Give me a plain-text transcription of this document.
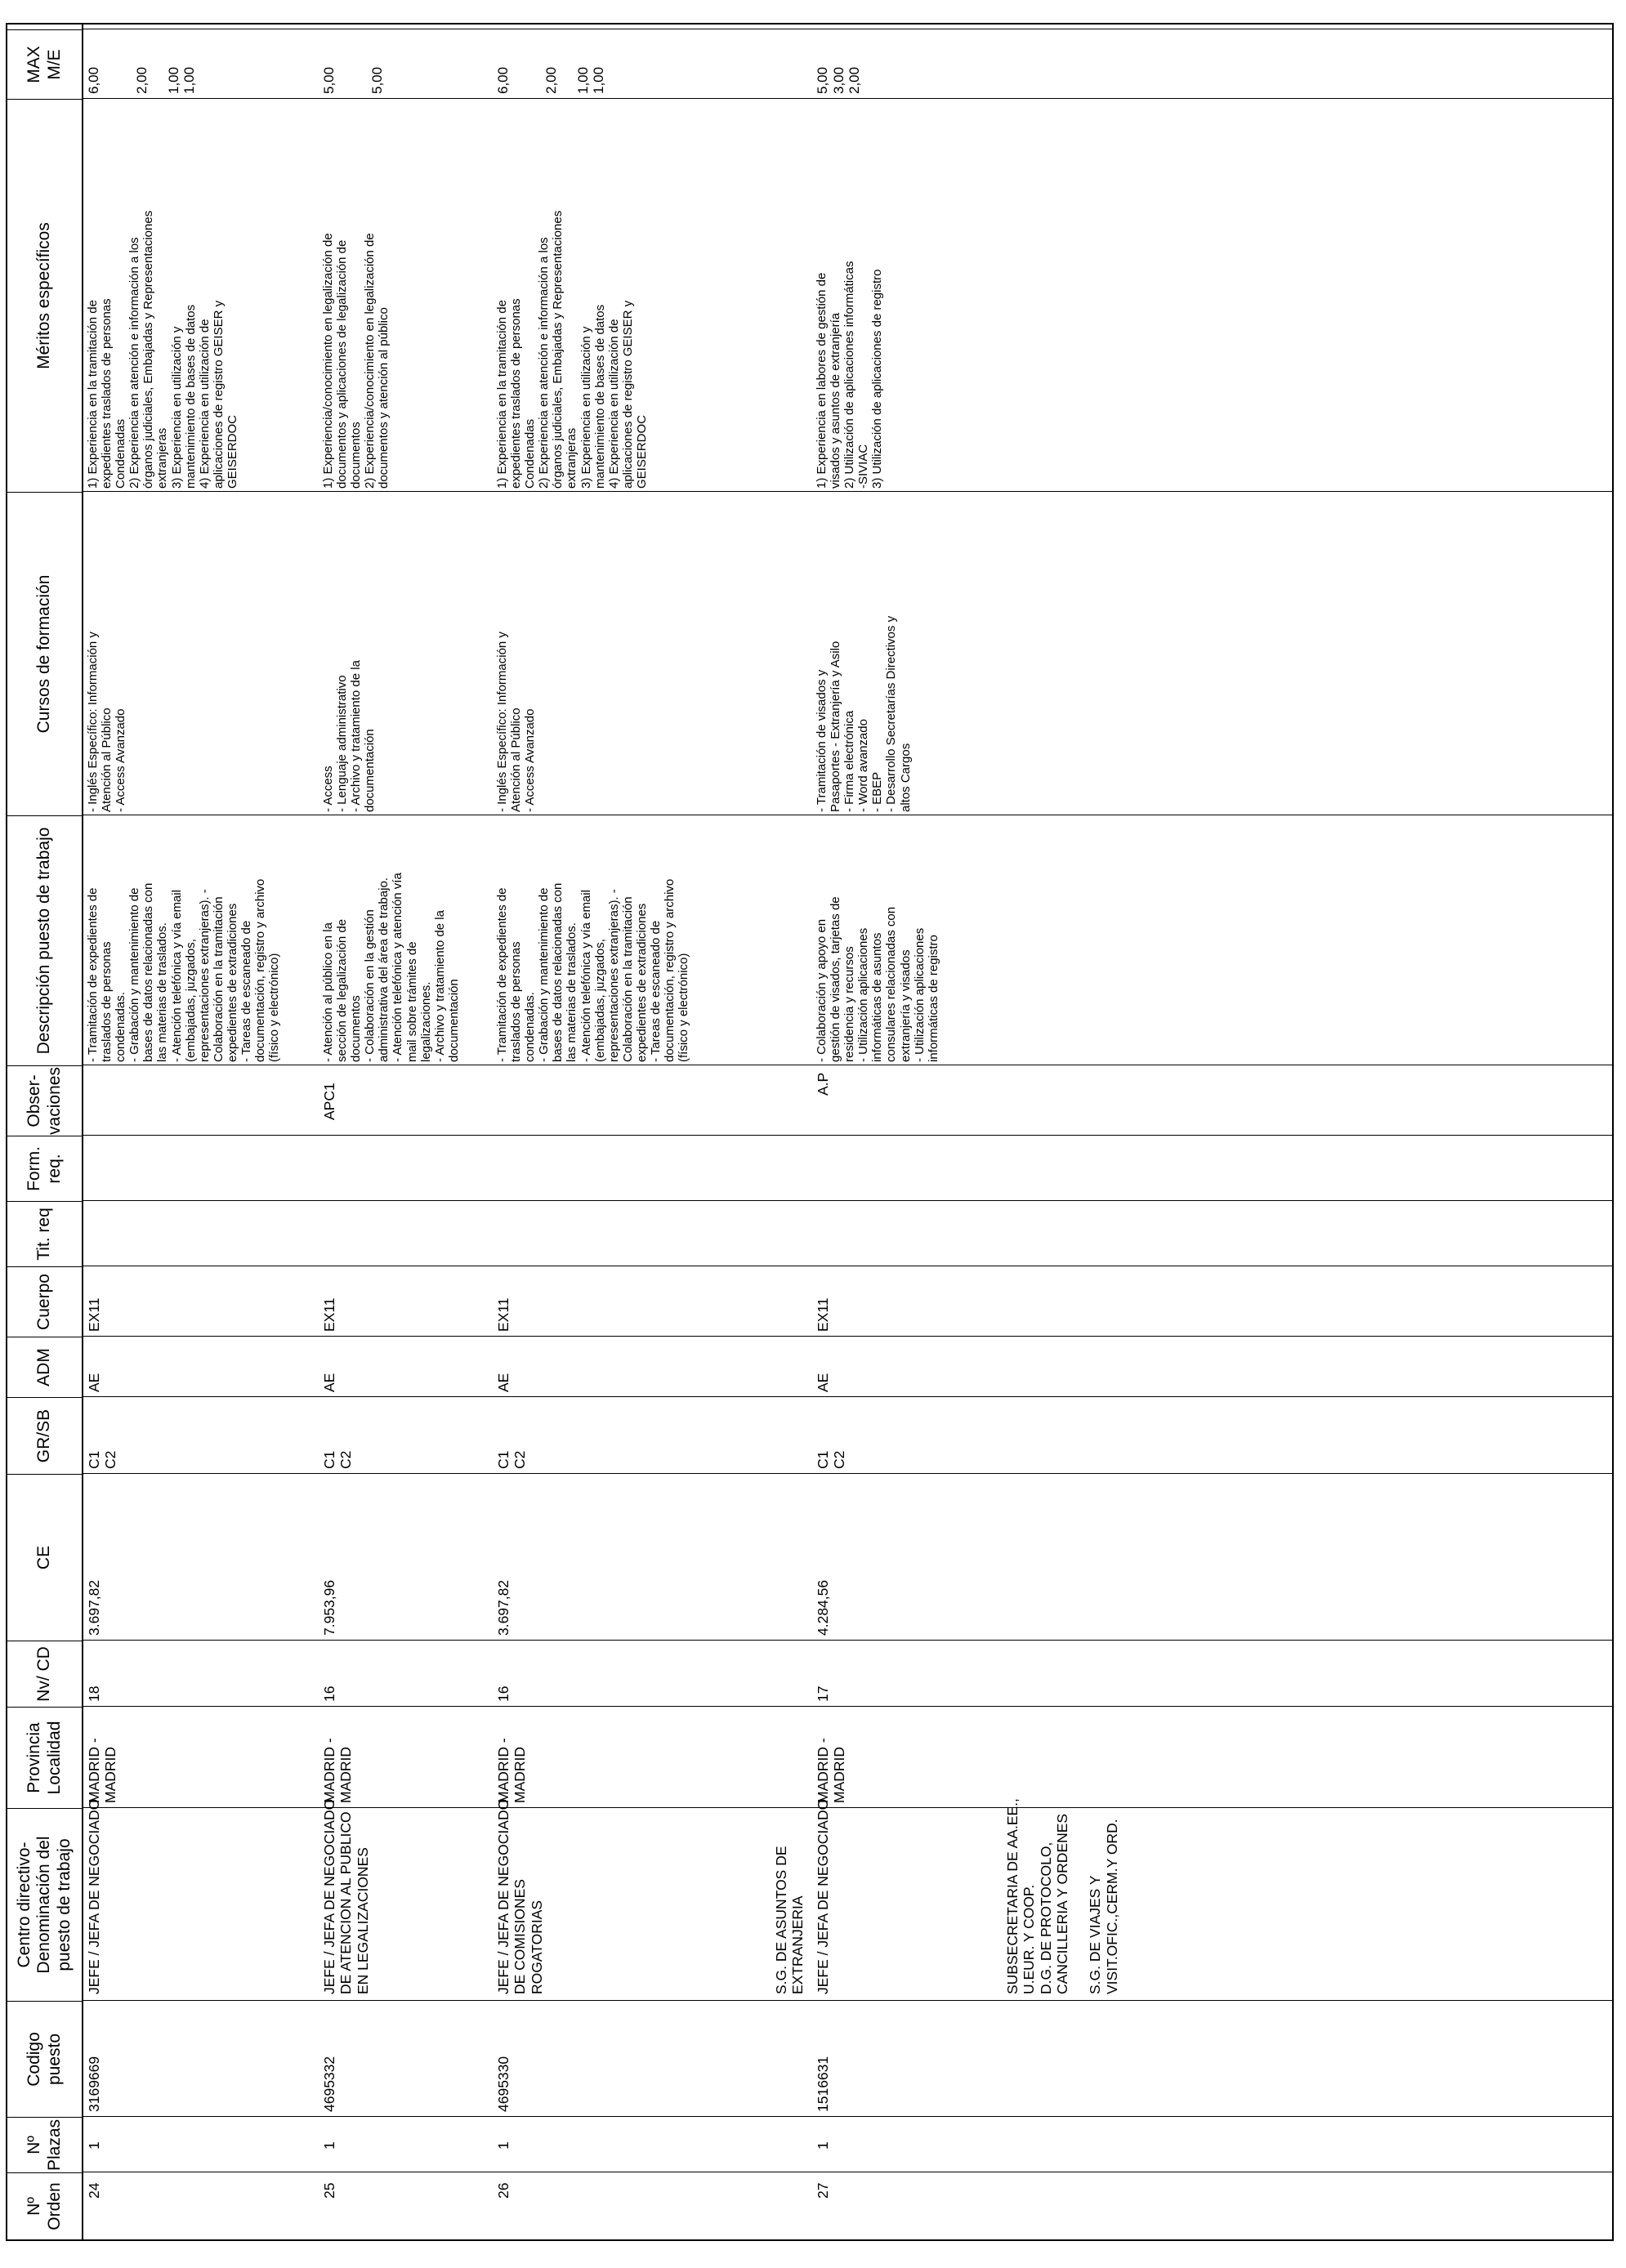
Nº Orden
Nº Plazas
Codigo puesto
Centro directivo- Denominación del puesto de trabajo
Provincia Localidad
Nv/ CD
CE
GR/SB
ADM
Cuerpo
Tit. req
Form. req.
Obser- vaciones
Descripción puesto de trabajo
Cursos de formación
Méritos específicos
MAX M/E
24
1
3169669
JEFE / JEFA DE NEGOCIADO
MADRID -
MADRID
18
3.697,82
C1
C2
AE
EX11
- Tramitación de expedientes de
traslados de personas
condenadas.
- Grabación y mantenimiento de
bases de datos relacionadas con
las materias de traslados.
- Atención telefónica y vía email
(embajadas, juzgados,
representaciones extranjeras). -
Colaboración en la tramitación
expedientes de extradiciones
- Tareas de escaneado de
documentación, registro y archivo
(físico y electrónico)
- Inglés Específico: Información y
Atención al Público
- Access Avanzado
1) Experiencia en la tramitación de
expedientes traslados de personas
Condenadas
2) Experiencia en atención e información a los
órganos judiciales, Embajadas y Representaciones
extranjeras
3) Experiencia en utilización y
mantenimiento de bases de datos
4) Experiencia en utilización de
aplicaciones de registro GEISER y
GEISERDOC
6,00

2,00

1,00
1,00
25
1
4695332
JEFE / JEFA DE NEGOCIADO
DE ATENCION AL PUBLICO
EN LEGALIZACIONES
MADRID -
MADRID
16
7.953,96
C1
C2
AE
EX11
APC1
- Atención al público en la
sección de legalización de
documentos
- Colaboración en la gestión
administrativa del área de trabajo.
- Atención telefónica y atención vía
mail sobre trámites de
legalizaciones.
- Archivo y tratamiento de la
documentación
- Access
- Lenguaje administrativo
- Archivo y tratamiento de la
documentación
1) Experiencia/conocimiento en legalización de
documentos y aplicaciones de legalización de
documentos
2) Experiencia/conocimiento en legalización de
documentos y atención al público
5,00

5,00
26
1
4695330
JEFE / JEFA DE NEGOCIADO
DE COMISIONES
ROGATORIAS
MADRID -
MADRID
16
3.697,82
C1
C2
AE
EX11
- Tramitación de expedientes de
traslados de personas
condenadas.
- Grabación y mantenimiento de
bases de datos relacionadas con
las materias de traslados.
- Atención telefónica y vía email
(embajadas, juzgados,
representaciones extranjeras). -
Colaboración en la tramitación
expedientes de extradiciones
- Tareas de escaneado de
documentación, registro y archivo
(físico y electrónico)
- Inglés Específico: Información y
Atención al Público
- Access Avanzado
1) Experiencia en la tramitación de
expedientes traslados de personas
Condenadas
2) Experiencia en atención e información a los
órganos judiciales, Embajadas y Representaciones
extranjeras
3) Experiencia en utilización y
mantenimiento de bases de datos
4) Experiencia en utilización de
aplicaciones de registro GEISER y
GEISERDOC
6,00

2,00

1,00
1,00
S.G. DE ASUNTOS DE
EXTRANJERIA
27
1
1516631
JEFE / JEFA DE NEGOCIADO
MADRID -
MADRID
17
4.284,56
C1
C2
AE
EX11
A.P
- Colaboración y apoyo en
gestión de visados, tarjetas de
residencia y recursos
- Utilización aplicaciones
informáticas de asuntos
consulares relacionadas con
extranjería y visados
- Utilización aplicaciones
informáticas de registro
- Tramitación de visados y
Pasaportes - Extranjería y Asilo
- Firma electrónica
- Word avanzado
- EBEP
- Desarrollo Secretarías Directivos y
altos Cargos
1) Experiencia en labores de gestión de
visados y asuntos de extranjería
2) Utilización de aplicaciones informáticas
-SIVIAC
3) Utilización de aplicaciones de registro
5,00
3,00
2,00
SUBSECRETARIA DE AA.EE.,
U.EUR. Y COOP.
D.G. DE PROTOCOLO,
CANCILLERIA Y ORDENES

S.G. DE VIAJES Y
VISIT.OFIC.,CERM.Y ORD.
